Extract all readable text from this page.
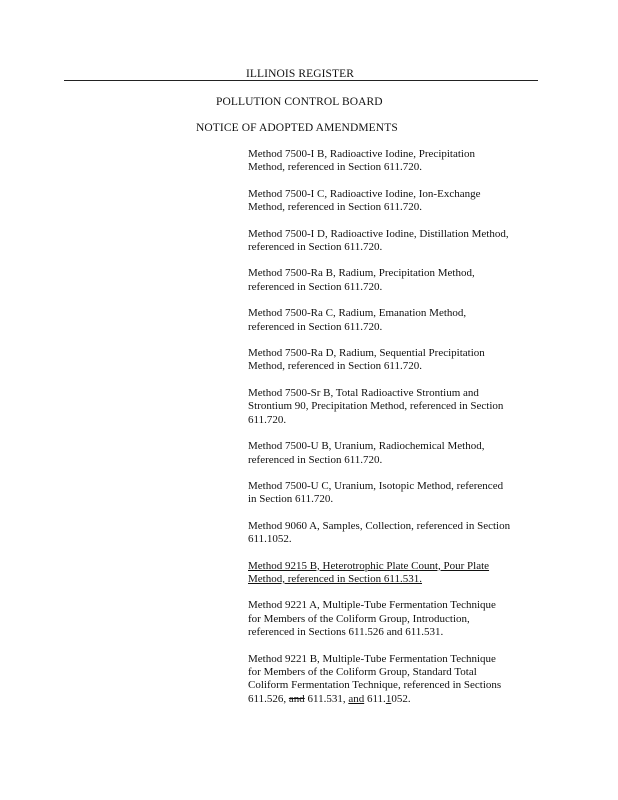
ILLINOIS REGISTER
POLLUTION CONTROL BOARD
NOTICE OF ADOPTED AMENDMENTS
Method 7500-I B, Radioactive Iodine, Precipitation
Method, referenced in Section 611.720.
Method 7500-I C, Radioactive Iodine, Ion-Exchange
Method, referenced in Section 611.720.
Method 7500-I D, Radioactive Iodine, Distillation Method,
referenced in Section 611.720.
Method 7500-Ra B, Radium, Precipitation Method,
referenced in Section 611.720.
Method 7500-Ra C, Radium, Emanation Method,
referenced in Section 611.720.
Method 7500-Ra D, Radium, Sequential Precipitation
Method, referenced in Section 611.720.
Method 7500-Sr B, Total Radioactive Strontium and
Strontium 90, Precipitation Method, referenced in Section
611.720.
Method 7500-U B, Uranium, Radiochemical Method,
referenced in Section 611.720.
Method 7500-U C, Uranium, Isotopic Method, referenced
in Section 611.720.
Method 9060 A, Samples, Collection, referenced in Section
611.1052.
Method 9215 B, Heterotrophic Plate Count, Pour Plate
Method, referenced in Section 611.531.
Method 9221 A, Multiple-Tube Fermentation Technique
for Members of the Coliform Group, Introduction,
referenced in Sections 611.526 and 611.531.
Method 9221 B, Multiple-Tube Fermentation Technique
for Members of the Coliform Group, Standard Total
Coliform Fermentation Technique, referenced in Sections
611.526, and 611.531, and 611.1052.
